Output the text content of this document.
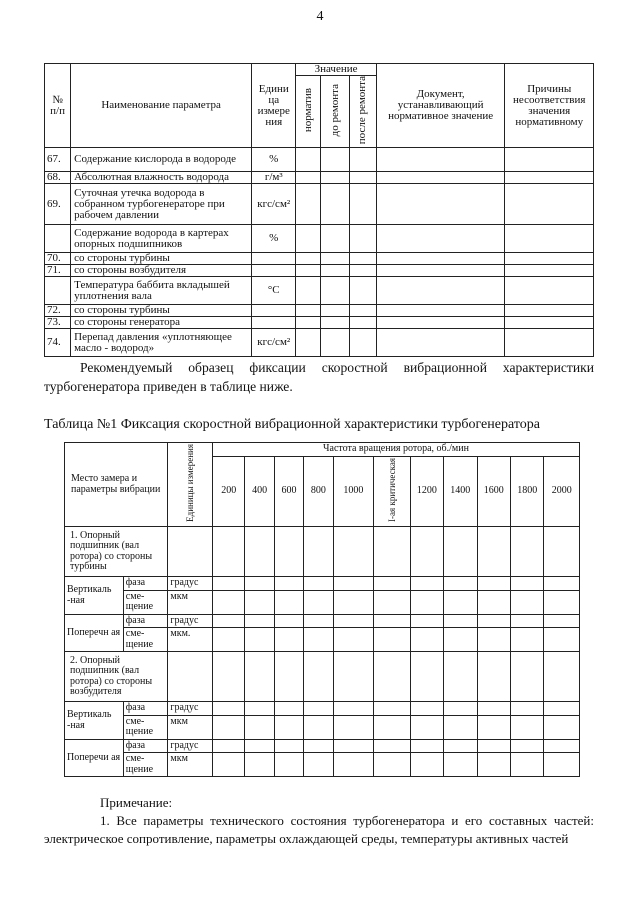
4
№ п/п	Наименование параметра	Едини ца измере ния	Значение			Документ, устанавливающий нормативное значение	Причины несоответствия значения нормативному
			норматив	до ремонта	после ремонта		
67.	Содержание кислорода в водороде	%					
68.	Абсолютная влажность водорода	г/м³					
69.	Суточная утечка водорода в собранном турбогенераторе при рабочем давлении	кгс/см²					
	Содержание водорода в картерах опорных подшипников	%					
70.	со стороны турбины						
71.	со стороны возбудителя						
	Температура баббита вкладышей уплотнения вала	°С					
72.	со стороны турбины						
73.	со стороны генератора						
74.	Перепад давления «уплотняющее масло - водород»	кгс/см²					

Рекомендуемый образец фиксации скоростной вибрационной характеристики турбогенератора приведен в таблице ниже.

Таблица №1 Фиксация скоростной вибрационной характеристики турбогенератора
Место замера и параметры вибрации		Единицы измерения	Частота вращения ротора, об./мин										
			200	400	600	800	1000	I-ая критическая	1200	1400	1600	1800	2000
1. Опорный подшипник (вал ротора) со стороны турбины													
Вертикаль -ная	фаза	градус											
	сме- щение	мкм											
Поперечн ая	фаза	градус											
	сме- щение	мкм.											
2. Опорный подшипник (вал ротора) со стороны возбудителя													
Вертикаль -ная	фаза	градус											
	сме- щение	мкм											
Поперечи ая	фаза	градус											
	сме- щение	мкм											
Примечание:

1. Все параметры технического состояния турбогенератора и его составных частей: электрическое сопротивление, параметры охлаждающей среды, температуры активных частей
